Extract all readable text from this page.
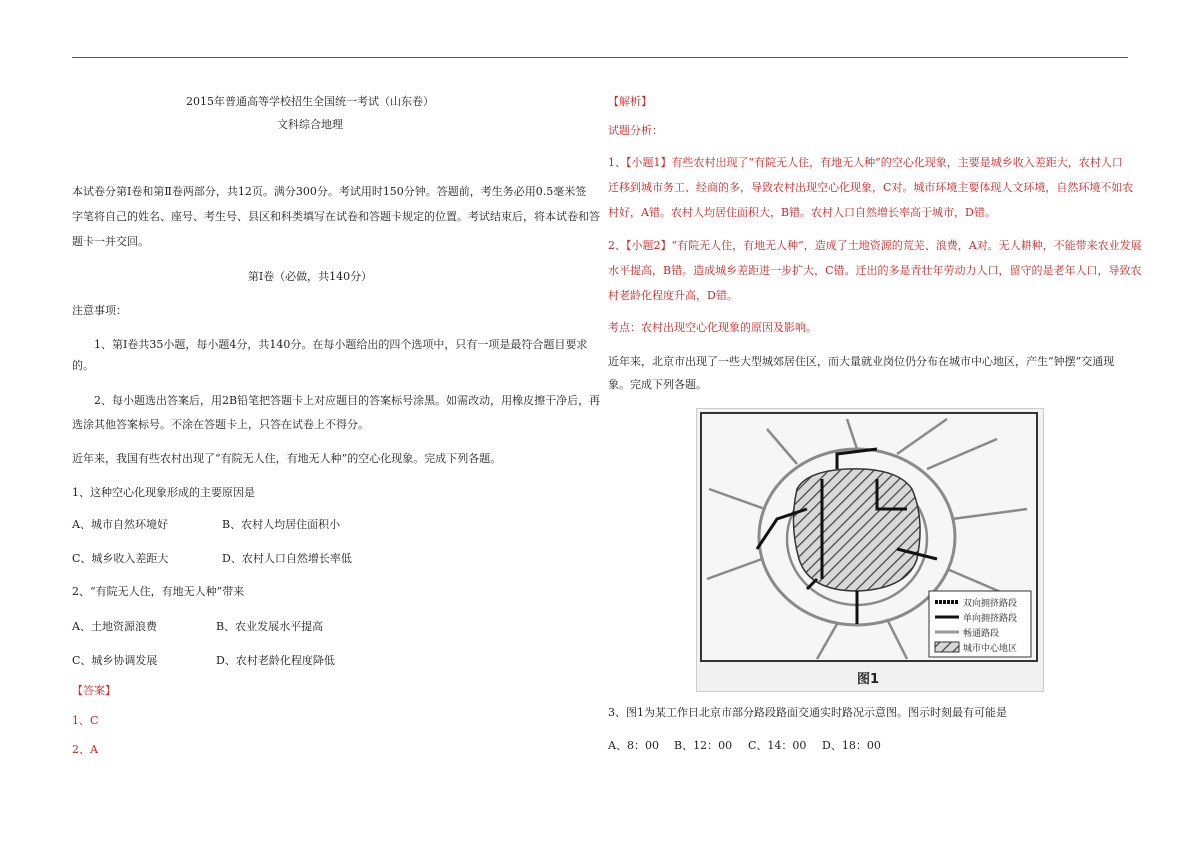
2015年普通高等学校招生全国统一考试（山东卷）
文科综合地理
本试卷分第Ⅰ卷和第Ⅱ卷两部分，共12页。满分300分。考试用时150分钟。答题前，考生务必用0.5毫米签
字笔将自己的姓名、座号、考生号、县区和科类填写在试卷和答题卡规定的位置。考试结束后，将本试卷和答
题卡一并交回。
第Ⅰ卷（必做，共140分）
注意事项：
1、第Ⅰ卷共35小题，每小题4分，共140分。在每小题给出的四个选项中，只有一项是最符合题目要求
的。
2、每小题选出答案后，用2B铅笔把答题卡上对应题目的答案标号涂黑。如需改动，用橡皮擦干净后，再
选涂其他答案标号。不涂在答题卡上，只答在试卷上不得分。
近年来，我国有些农村出现了“有院无人住，有地无人种”的空心化现象。完成下列各题。
1、这种空心化现象形成的主要原因是
A、城市自然环境好	B、农村人均居住面积小
C、城乡收入差距大	D、农村人口自然增长率低
2、“有院无人住，有地无人种”带来
A、土地资源浪费	B、农业发展水平提高
C、城乡协调发展	D、农村老龄化程度降低
【答案】
1、C
2、A
【解析】
试题分析：
1、【小题1】有些农村出现了“有院无人住，有地无人种”的空心化现象，主要是城乡收入差距大，农村人口
迁移到城市务工、经商的多，导致农村出现空心化现象，C对。城市环境主要体现人文环境，自然环境不如农
村好，A错。农村人均居住面积大，B错。农村人口自然增长率高于城市，D错。
2、【小题2】“有院无人住，有地无人种”，造成了土地资源的荒芜、浪费，A对。无人耕种，不能带来农业发展
水平提高，B错。造成城乡差距进一步扩大，C错。迁出的多是青壮年劳动力人口，留守的是老年人口，导致农
村老龄化程度升高，D错。
考点：农村出现空心化现象的原因及影响。
近年来，北京市出现了一些大型城郊居住区，而大量就业岗位仍分布在城市中心地区，产生“钟摆”交通现
象。完成下列各题。
双向拥挤路段
单向拥挤路段
畅通路段
城市中心地区
图1
3、图1为某工作日北京市部分路段路面交通实时路况示意图。图示时刻最有可能是
A、8：00 B、12：00 C、14：00 D、18：00
